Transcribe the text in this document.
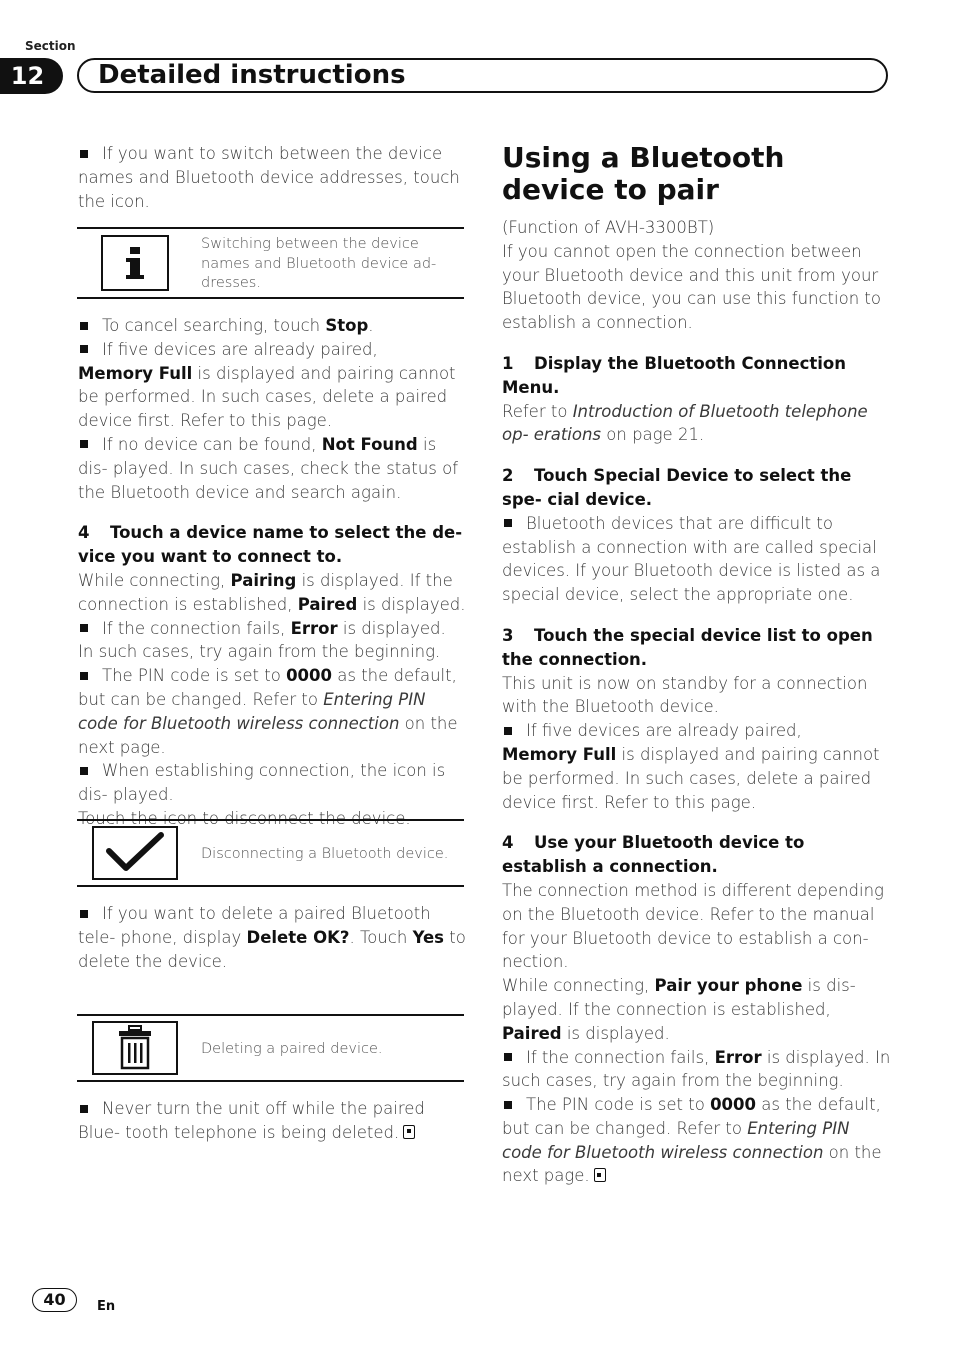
Section
12	Detailed instructions

If you want to switch between the device names and Bluetooth device addresses, touch the icon.

Switching between the device names and Bluetooth device ad- dresses.

To cancel searching, touch Stop.

If five devices are already paired,

Memory Full is displayed and pairing cannot be performed. In such cases, delete a paired device first. Refer to this page.

If no device can be found, Not Found is dis- played. In such cases, check the status of the Bluetooth device and search again.

4 Touch a device name to select the de- vice you want to connect to.

While connecting, Pairing is displayed. If the connection is established, Paired is displayed.

If the connection fails, Error is displayed. In such cases, try again from the beginning.

The PIN code is set to 0000 as the default, but can be changed. Refer to Entering PIN code for Bluetooth wireless connection on the next page.

When establishing connection, the icon is dis- played.

Touch the icon to disconnect the device.

Disconnecting a Bluetooth device.

If you want to delete a paired Bluetooth tele- phone, display Delete OK?. Touch Yes to delete the device.

Deleting a paired device.

Never turn the unit off while the paired Blue- tooth telephone is being deleted.

Using a Bluetooth device to pair

(Function of AVH-3300BT)

If you cannot open the connection between your Bluetooth device and this unit from your Bluetooth device, you can use this function to establish a connection.

1 Display the Bluetooth Connection Menu.

Refer to Introduction of Bluetooth telephone op- erations on page 21.

2 Touch Special Device to select the spe- cial device.

Bluetooth devices that are difficult to establish a connection with are called special devices. If your Bluetooth device is listed as a special device, select the appropriate one.

3 Touch the special device list to open the connection.

This unit is now on standby for a connection with the Bluetooth device.

If five devices are already paired,

Memory Full is displayed and pairing cannot be performed. In such cases, delete a paired device first. Refer to this page.

4 Use your Bluetooth device to establish a connection.

The connection method is different depending on the Bluetooth device. Refer to the manual for your Bluetooth device to establish a con- nection.

While connecting, Pair your phone is dis- played. If the connection is established, Paired is displayed.

If the connection fails, Error is displayed. In such cases, try again from the beginning.

The PIN code is set to 0000 as the default, but can be changed. Refer to Entering PIN code for Bluetooth wireless connection on the next page.

40	En
